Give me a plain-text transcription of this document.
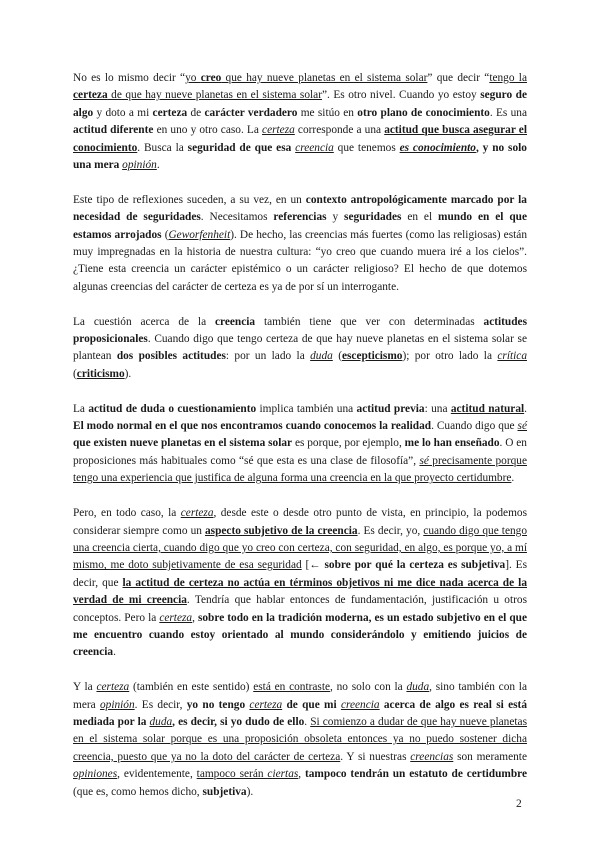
No es lo mismo decir “yo creo que hay nueve planetas en el sistema solar” que decir “tengo la certeza de que hay nueve planetas en el sistema solar”. Es otro nivel. Cuando yo estoy seguro de algo y doto a mi certeza de carácter verdadero me sitúo en otro plano de conocimiento. Es una actitud diferente en uno y otro caso. La certeza corresponde a una actitud que busca asegurar el conocimiento. Busca la seguridad de que esa creencia que tenemos es conocimiento, y no solo una mera opinión.

Este tipo de reflexiones suceden, a su vez, en un contexto antropológicamente marcado por la necesidad de seguridades. Necesitamos referencias y seguridades en el mundo en el que estamos arrojados (Geworfenheit). De hecho, las creencias más fuertes (como las religiosas) están muy impregnadas en la historia de nuestra cultura: “yo creo que cuando muera iré a los cielos”. ¿Tiene esta creencia un carácter epistémico o un carácter religioso? El hecho de que dotemos algunas creencias del carácter de certeza es ya de por sí un interrogante.

La cuestión acerca de la creencia también tiene que ver con determinadas actitudes proposicionales. Cuando digo que tengo certeza de que hay nueve planetas en el sistema solar se plantean dos posibles actitudes: por un lado la duda (escepticismo); por otro lado la crítica (criticismo).

La actitud de duda o cuestionamiento implica también una actitud previa: una actitud natural. El modo normal en el que nos encontramos cuando conocemos la realidad. Cuando digo que sé que existen nueve planetas en el sistema solar es porque, por ejemplo, me lo han enseñado. O en proposiciones más habituales como “sé que esta es una clase de filosofía”, sé precisamente porque tengo una experiencia que justifica de alguna forma una creencia en la que proyecto certidumbre.

Pero, en todo caso, la certeza, desde este o desde otro punto de vista, en principio, la podemos considerar siempre como un aspecto subjetivo de la creencia. Es decir, yo, cuando digo que tengo una creencia cierta, cuando digo que yo creo con certeza, con seguridad, en algo, es porque yo, a mí mismo, me doto subjetivamente de esa seguridad [← sobre por qué la certeza es subjetiva]. Es decir, que la actitud de certeza no actúa en términos objetivos ni me dice nada acerca de la verdad de mi creencia. Tendría que hablar entonces de fundamentación, justificación u otros conceptos. Pero la certeza, sobre todo en la tradición moderna, es un estado subjetivo en el que me encuentro cuando estoy orientado al mundo considerándolo y emitiendo juicios de creencia.

Y la certeza (también en este sentido) está en contraste, no solo con la duda, sino también con la mera opinión. Es decir, yo no tengo certeza de que mi creencia acerca de algo es real si está mediada por la duda, es decir, si yo dudo de ello. Si comienzo a dudar de que hay nueve planetas en el sistema solar porque es una proposición obsoleta entonces ya no puedo sostener dicha creencia, puesto que ya no la doto del carácter de certeza. Y si nuestras creencias son meramente opiniones, evidentemente, tampoco serán ciertas, tampoco tendrán un estatuto de certidumbre (que es, como hemos dicho, subjetiva).

2
